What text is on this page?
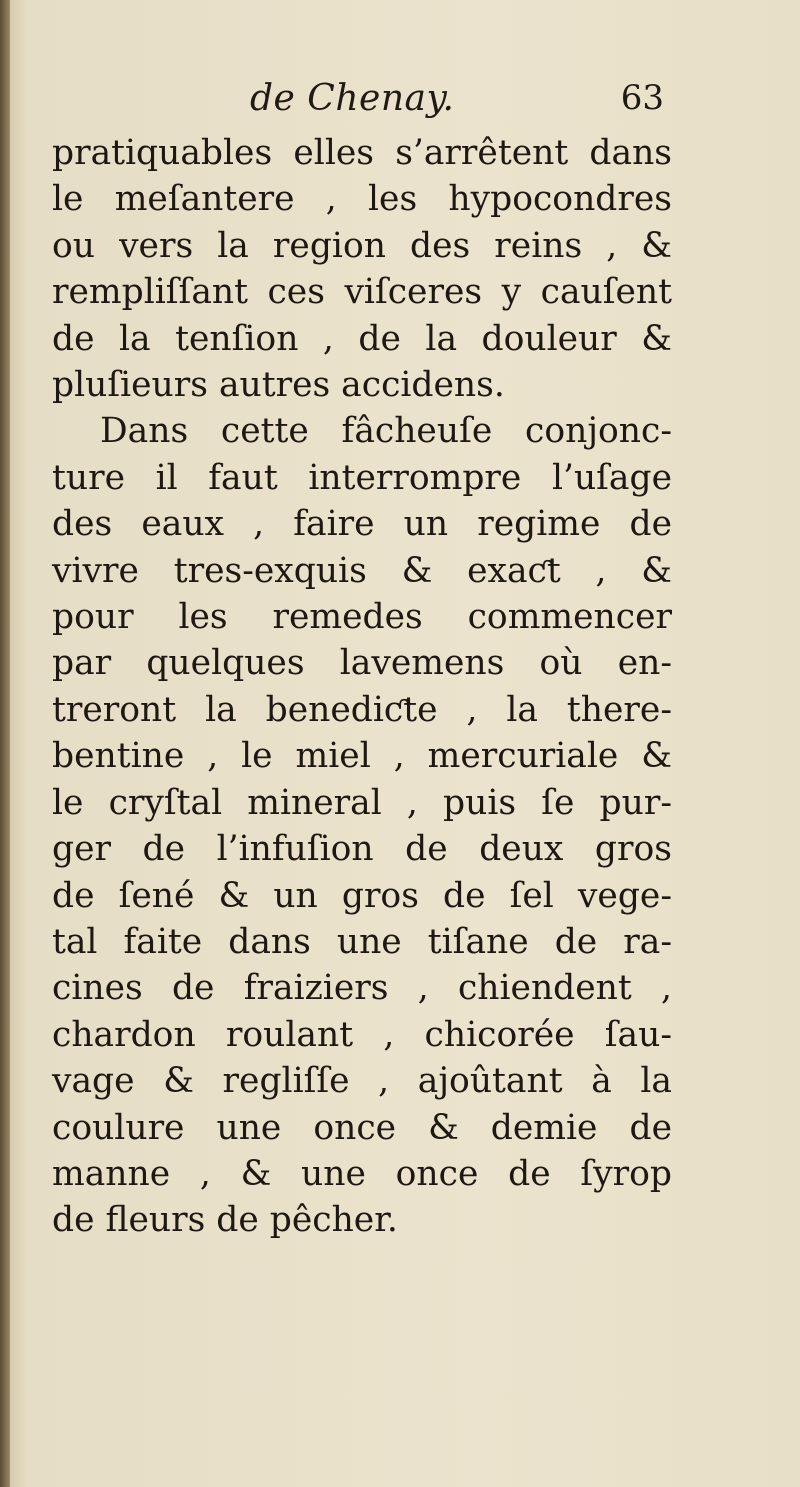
de Chenay.	63
pratiquables elles s’arrêtent dans
le meſantere , les hypocondres
ou vers la region des reins , &
rempliſſant ces viſceres y cauſent
de la tenſion , de la douleur &
pluſieurs autres accidens.
Dans cette fâcheuſe conjonc-
ture il faut interrompre l’uſage
des eaux , faire un regime de
vivre tres-exquis & exaƈt , &
pour les remedes commencer
par quelques lavemens où en-
treront la benediƈte , la there-
bentine , le miel , mercuriale &
le cryſtal mineral , puis ſe pur-
ger de l’infuſion de deux gros
de ſené & un gros de ſel vege-
tal faite dans une tiſane de ra-
cines de fraiziers , chiendent ,
chardon roulant , chicorée ſau-
vage & regliſſe , ajoûtant à la
coulure une once & demie de
manne , & une once de ſyrop
de fleurs de pêcher.
